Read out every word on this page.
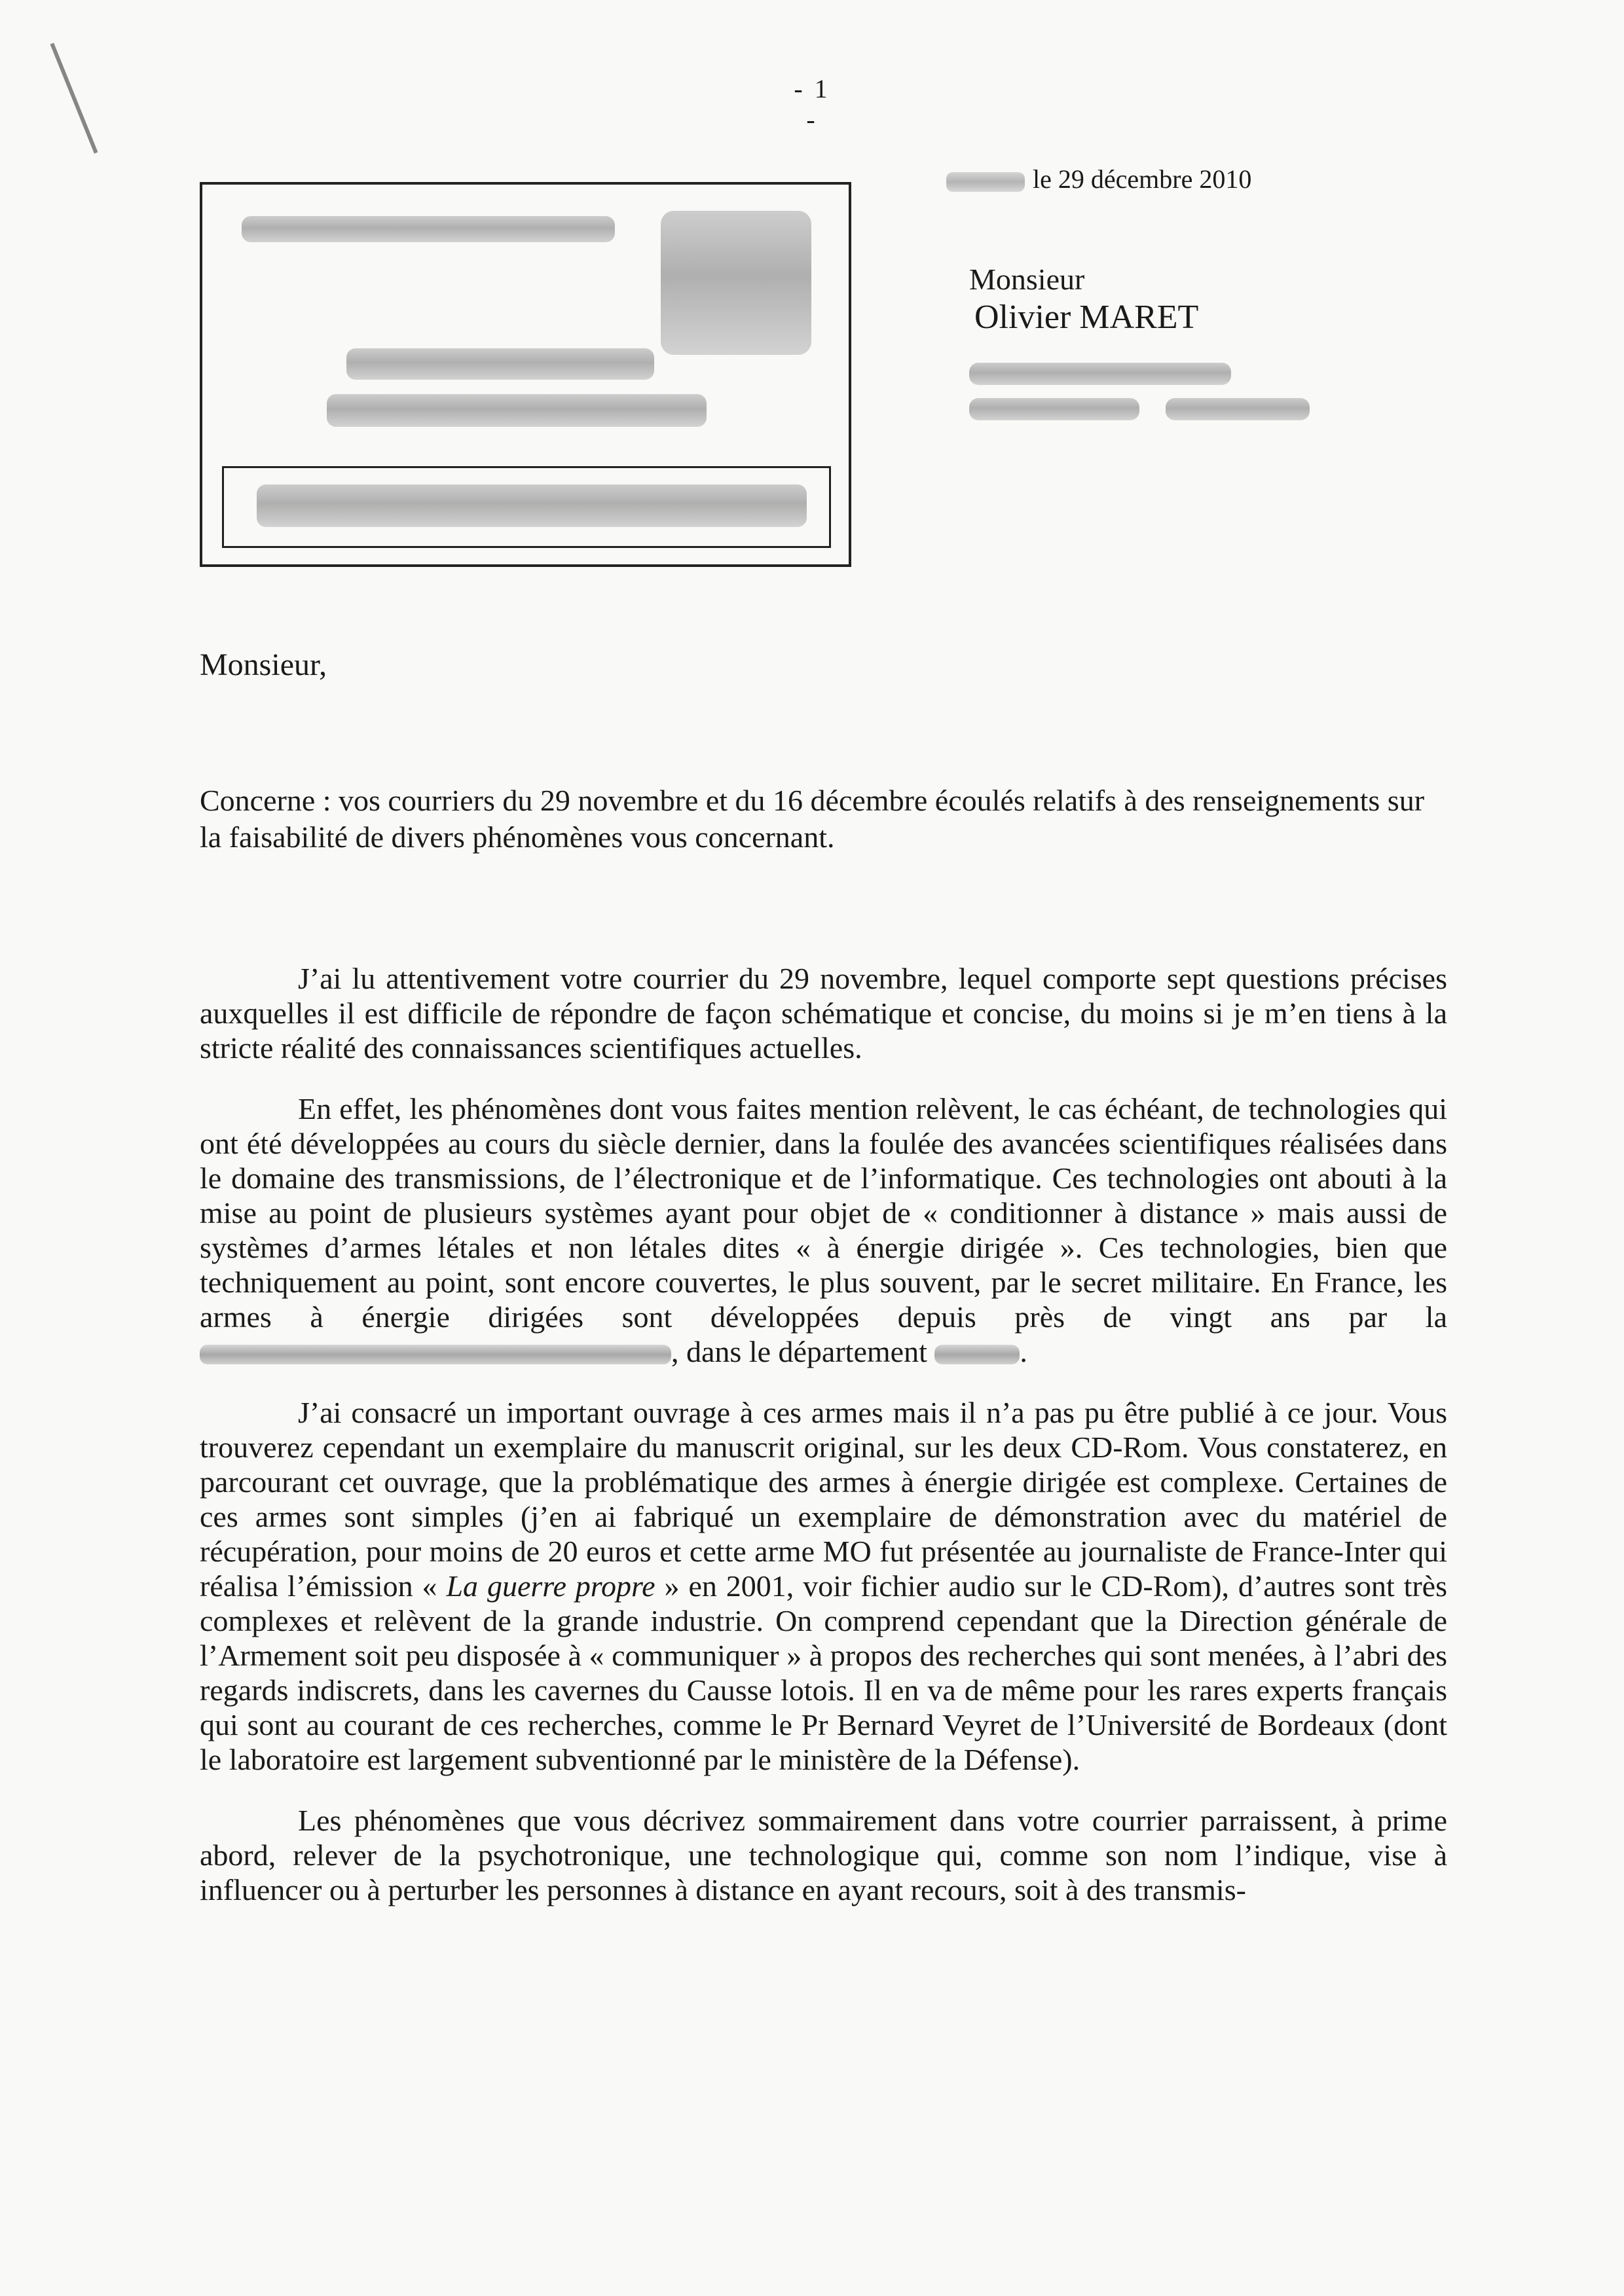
- 1 -
le 29 décembre 2010
Monsieur
Olivier MARET
Monsieur,
Concerne : vos courriers du 29 novembre et du 16 décembre écoulés relatifs à des renseignements sur la faisabilité de divers phénomènes vous concernant.

J’ai lu attentivement votre courrier du 29 novembre, lequel comporte sept questions précises auxquelles il est difficile de répondre de façon schématique et concise, du moins si je m’en tiens à la stricte réalité des connaissances scientifiques actuelles.

En effet, les phénomènes dont vous faites mention relèvent, le cas échéant, de technologies qui ont été développées au cours du siècle dernier, dans la foulée des avancées scientifiques réalisées dans le domaine des transmissions, de l’électronique et de l’informatique. Ces technologies ont abouti à la mise au point de plusieurs systèmes ayant pour objet de « conditionner à distance » mais aussi de systèmes d’armes létales et non létales dites « à énergie dirigée ». Ces technologies, bien que techniquement au point, sont encore couvertes, le plus souvent, par le secret militaire. En France, les armes à énergie dirigées sont développées depuis près de vingt ans par la , dans le département	.

J’ai consacré un important ouvrage à ces armes mais il n’a pas pu être publié à ce jour. Vous trouverez cependant un exemplaire du manuscrit original, sur les deux CD-Rom. Vous constaterez, en parcourant cet ouvrage, que la problématique des armes à énergie dirigée est complexe. Certaines de ces armes sont simples (j’en ai fabriqué un exemplaire de démonstration avec du matériel de récupération, pour moins de 20 euros et cette arme MO fut présentée au journaliste de France-Inter qui réalisa l’émission « La guerre propre » en 2001, voir fichier audio sur le CD-Rom), d’autres sont très complexes et relèvent de la grande industrie. On comprend cependant que la Direction générale de l’Armement soit peu disposée à « communiquer » à propos des recherches qui sont menées, à l’abri des regards indiscrets, dans les cavernes du Causse lotois. Il en va de même pour les rares experts français qui sont au courant de ces recherches, comme le Pr Bernard Veyret de l’Université de Bordeaux (dont le laboratoire est largement subventionné par le ministère de la Défense).

Les phénomènes que vous décrivez sommairement dans votre courrier parraissent, à prime abord, relever de la psychotronique, une technologique qui, comme son nom l’indique, vise à influencer ou à perturber les personnes à distance en ayant recours, soit à des transmis-
